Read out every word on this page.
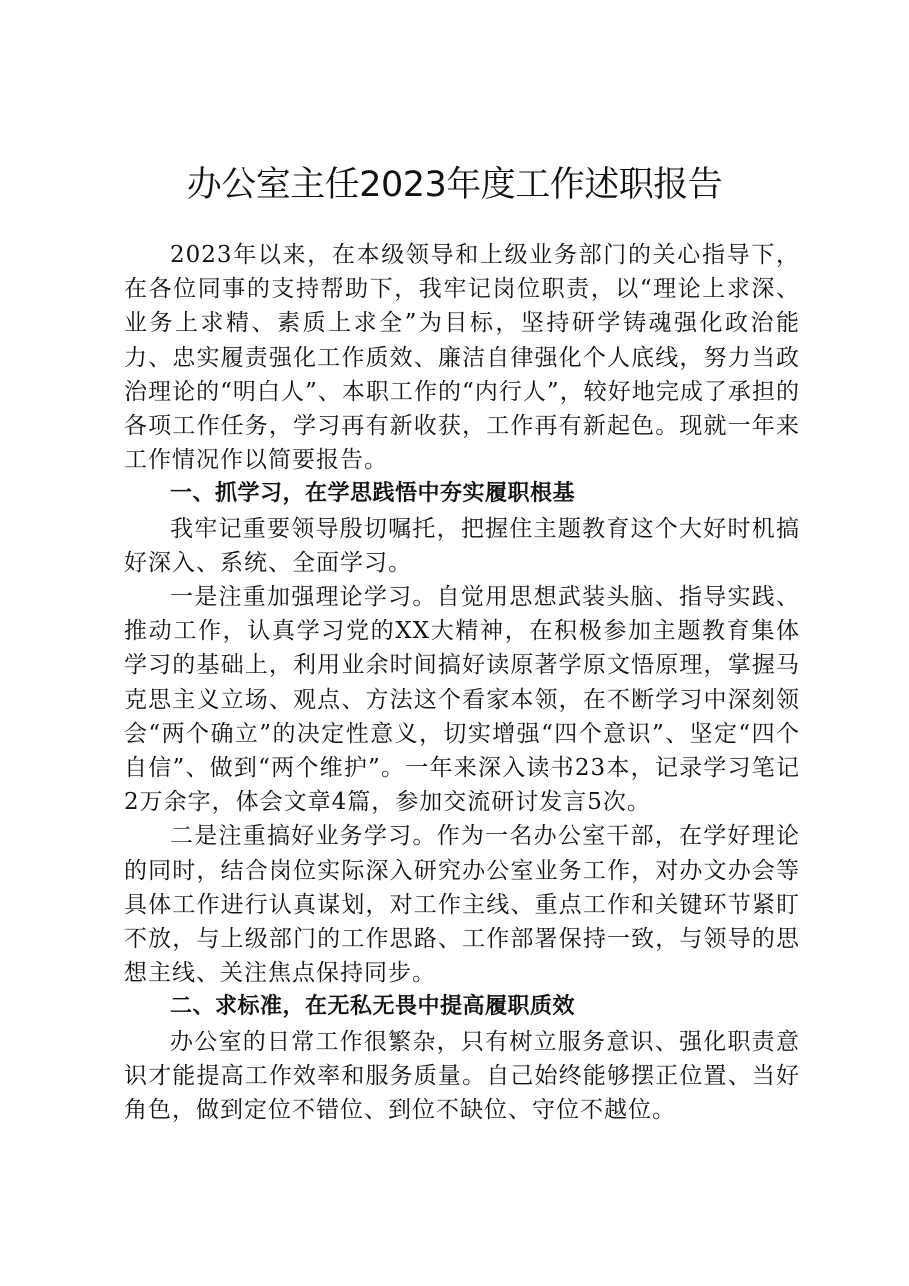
办公室主任2023年度工作述职报告

2023年以来，在本级领导和上级业务部门的关心指导下，在各位同事的支持帮助下，我牢记岗位职责，以“理论上求深、业务上求精、素质上求全”为目标，坚持研学铸魂强化政治能力、忠实履责强化工作质效、廉洁自律强化个人底线，努力当政治理论的“明白人”、本职工作的“内行人”，较好地完成了承担的各项工作任务，学习再有新收获，工作再有新起色。现就一年来工作情况作以简要报告。

一、抓学习，在学思践悟中夯实履职根基

我牢记重要领导殷切嘱托，把握住主题教育这个大好时机搞好深入、系统、全面学习。

一是注重加强理论学习。自觉用思想武装头脑、指导实践、推动工作，认真学习党的XX大精神，在积极参加主题教育集体学习的基础上，利用业余时间搞好读原著学原文悟原理，掌握马克思主义立场、观点、方法这个看家本领，在不断学习中深刻领会“两个确立”的决定性意义，切实增强“四个意识”、坚定“四个自信”、做到“两个维护”。一年来深入读书23本，记录学习笔记2万余字，体会文章4篇，参加交流研讨发言5次。

二是注重搞好业务学习。作为一名办公室干部，在学好理论的同时，结合岗位实际深入研究办公室业务工作，对办文办会等具体工作进行认真谋划，对工作主线、重点工作和关键环节紧盯不放，与上级部门的工作思路、工作部署保持一致，与领导的思想主线、关注焦点保持同步。

二、求标准，在无私无畏中提高履职质效

办公室的日常工作很繁杂，只有树立服务意识、强化职责意识才能提高工作效率和服务质量。自己始终能够摆正位置、当好角色，做到定位不错位、到位不缺位、守位不越位。
